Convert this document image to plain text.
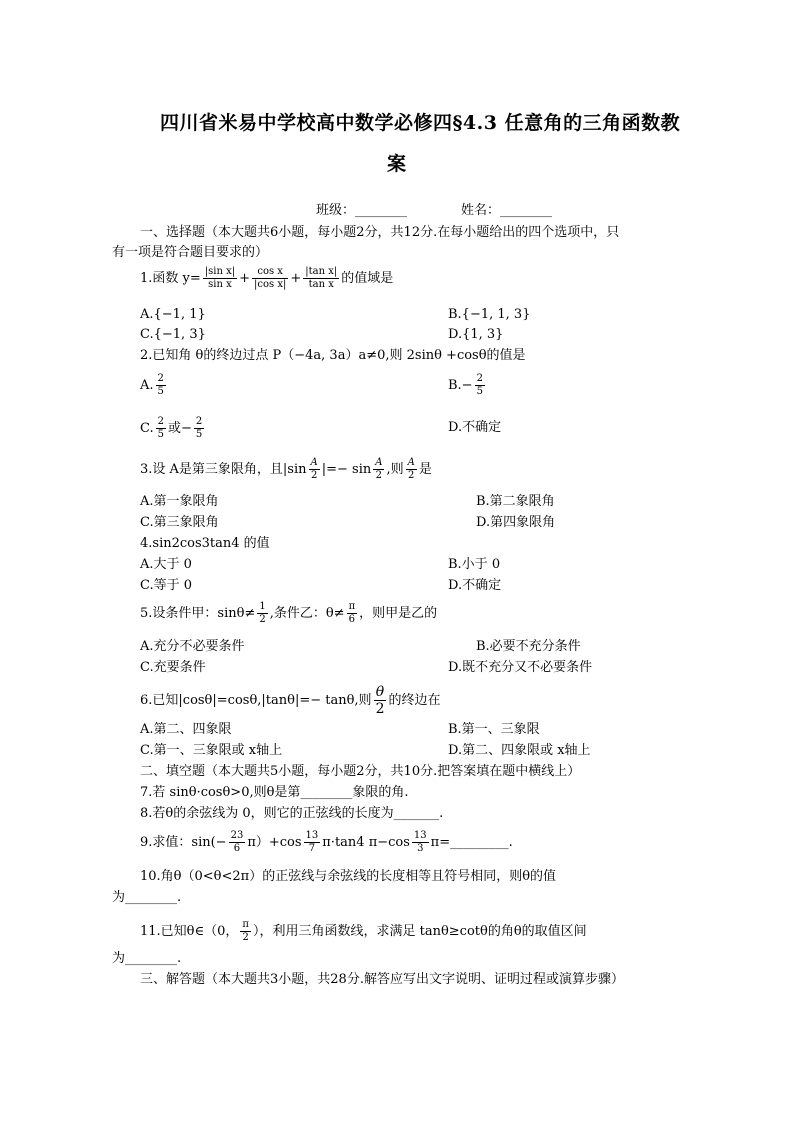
四川省米易中学校高中数学必修四§4.3 任意角的三角函数教
案
班级：________	姓名：________
一、选择题（本大题共6小题，每小题2分，共12分.在每小题给出的四个选项中，只
有一项是符合题目要求的）
1.函数 $y= \frac{\text{|sin x|}}{\text{sin x}} + \frac{\text{cos x}}{\text{|cos x|}} + \frac{\text{|tan x|}}{\text{tan x}}$ 的值域是
A.{−1, 1}	B.{−1, 1, 3}
C.{−1, 3}	D.{1, 3}
2.已知角 θ的终边过点 P（−4a, 3a）a≠0,则 2sinθ +cosθ的值是
A. $\frac{2}{5}$	$B.- \frac{2}{5}$
C. $\frac{2}{5}$ 或− $\frac{2}{5}$	D.不确定
3.设 A是第三象限角，且$|\sin \frac{A}{2}$ |=− $\sin \frac{A}{2}$ ,则 $\frac{A}{2}$ 是
A.第一象限角	B.第二象限角
C.第三象限角	D.第四象限角
4.sin2cos3tan4 的值
A.大于 0	B.小于 0
C.等于 0	D.不确定
5.设条件甲：$\sin\theta\ne \frac{1}{2}$ ,条件乙：$\theta\ne \frac{\pi}{6}$ ，则甲是乙的
A.充分不必要条件	B.必要不充分条件
C.充要条件	D.既不充分又不必要条件
6.已知|cosθ|=cosθ,|tanθ|=− tanθ,则 $\frac{\theta}{2}$ 的终边在
A.第二、四象限	B.第一、三象限
C.第一、三象限或 x轴上	D.第二、四象限或 x轴上
二、填空题（本大题共5小题，每小题2分，共10分.把答案填在题中横线上）
7.若 sinθ·cosθ>0,则θ是第________象限的角.
8.若θ的余弦线为 0，则它的正弦线的长度为_______.
9.求值：$\sin(- \frac{23}{6} \pi)+\cos \frac{13}{7} \pi\cdot\tan 4$ $\pi-\cos \frac{13}{3}$ π=_________.
10.角θ（0<θ<2π）的正弦线与余弦线的长度相等且符号相同，则θ的值
为________.
11.已知θ∈（0， $\frac{\pi}{2}$ ），利用三角函数线，求满足 tanθ≥cotθ的角θ的取值区间
为________.
三、解答题（本大题共3小题，共28分.解答应写出文字说明、证明过程或演算步骤）
